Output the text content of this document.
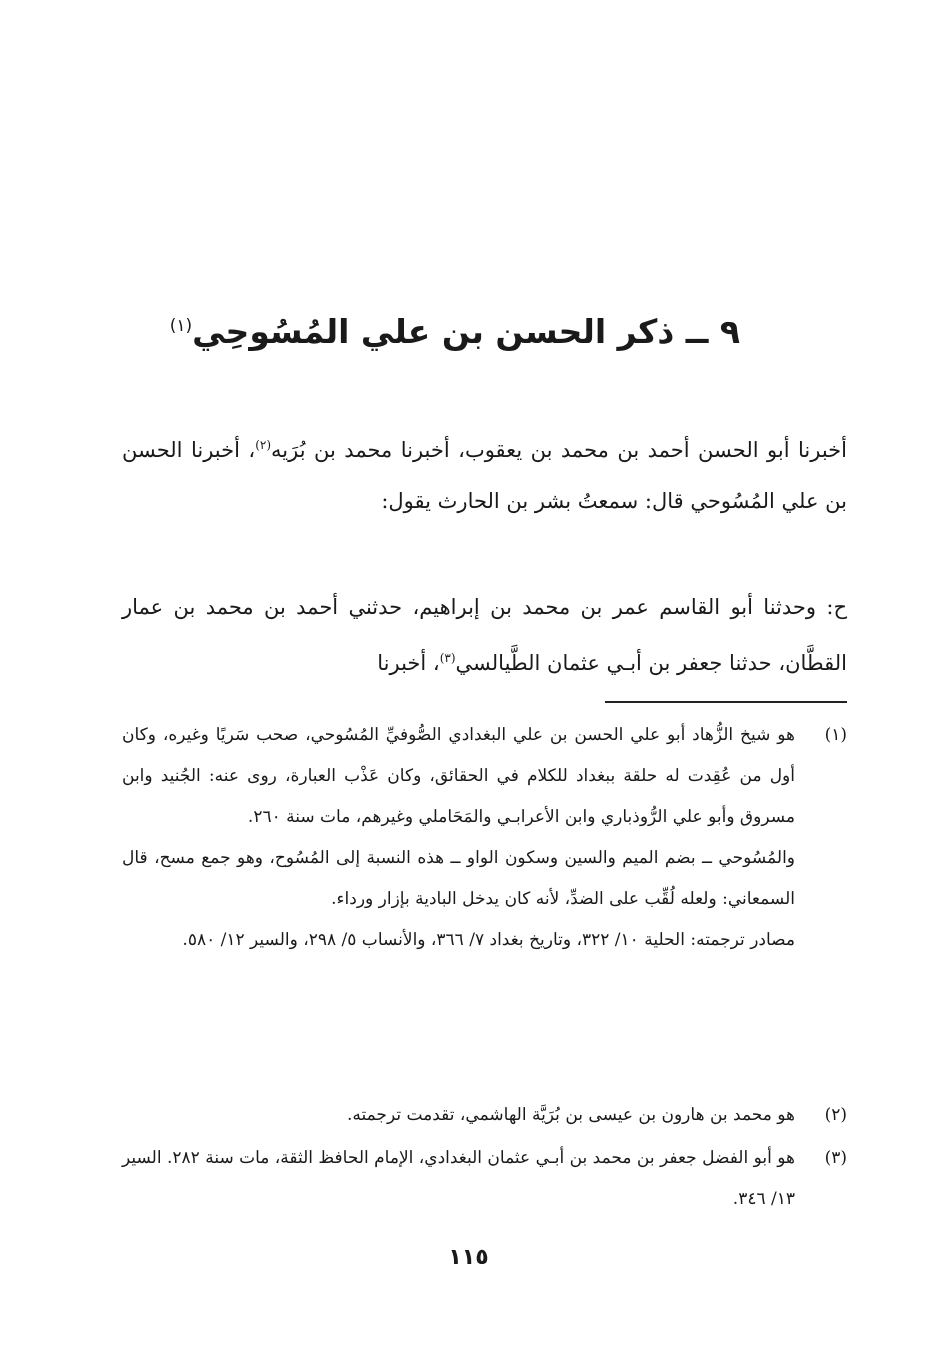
٩ ــ ذكر الحسن بن علي المُسُوحِي$^{(١)}$
أخبرنا أبو الحسن أحمد بن محمد بن يعقوب، أخبرنا محمد بن بُرَيه$^{(٢)}$، أخبرنا الحسن بن علي المُسُوحي قال: سمعتُ بشر بن الحارث يقول:
ح: وحدثنا أبو القاسم عمر بن محمد بن إبراهيم، حدثني أحمد بن محمد بن عمار القطَّان، حدثنا جعفر بن أبـي عثمان الطَّيالسي$^{(٣)}$، أخبرنا
(١)
هو شيخ الزُّهاد أبو علي الحسن بن علي البغدادي الصُّوفيِّ المُسُوحي، صحب سَريًا وغيره، وكان أول من عُقِدت له حلقة ببغداد للكلام في الحقائق، وكان عَذْب العبارة، روى عنه: الجُنيد وابن مسروق وأبو علي الرُّوذباري وابن الأعرابـي والمَحَاملي وغيرهم، مات سنة ٢٦٠.
والمُسُوحي ــ بضم الميم والسين وسكون الواو ــ هذه النسبة إلى المُسُوح، وهو جمع مسح، قال السمعاني: ولعله لُقِّب على الضدِّ، لأنه كان يدخل البادية بإزار ورداء.
مصادر ترجمته: الحلية ١٠/ ٣٢٢، وتاريخ بغداد ٧/ ٣٦٦، والأنساب ٥/ ٢٩٨، والسير ١٢/ ٥٨٠.
(٢)
هو محمد بن هارون بن عيسى بن بُرَيَّة الهاشمي، تقدمت ترجمته.
(٣)
هو أبو الفضل جعفر بن محمد بن أبـي عثمان البغدادي، الإمام الحافظ الثقة، مات سنة ٢٨٢. السير ١٣/ ٣٤٦.
١١٥
